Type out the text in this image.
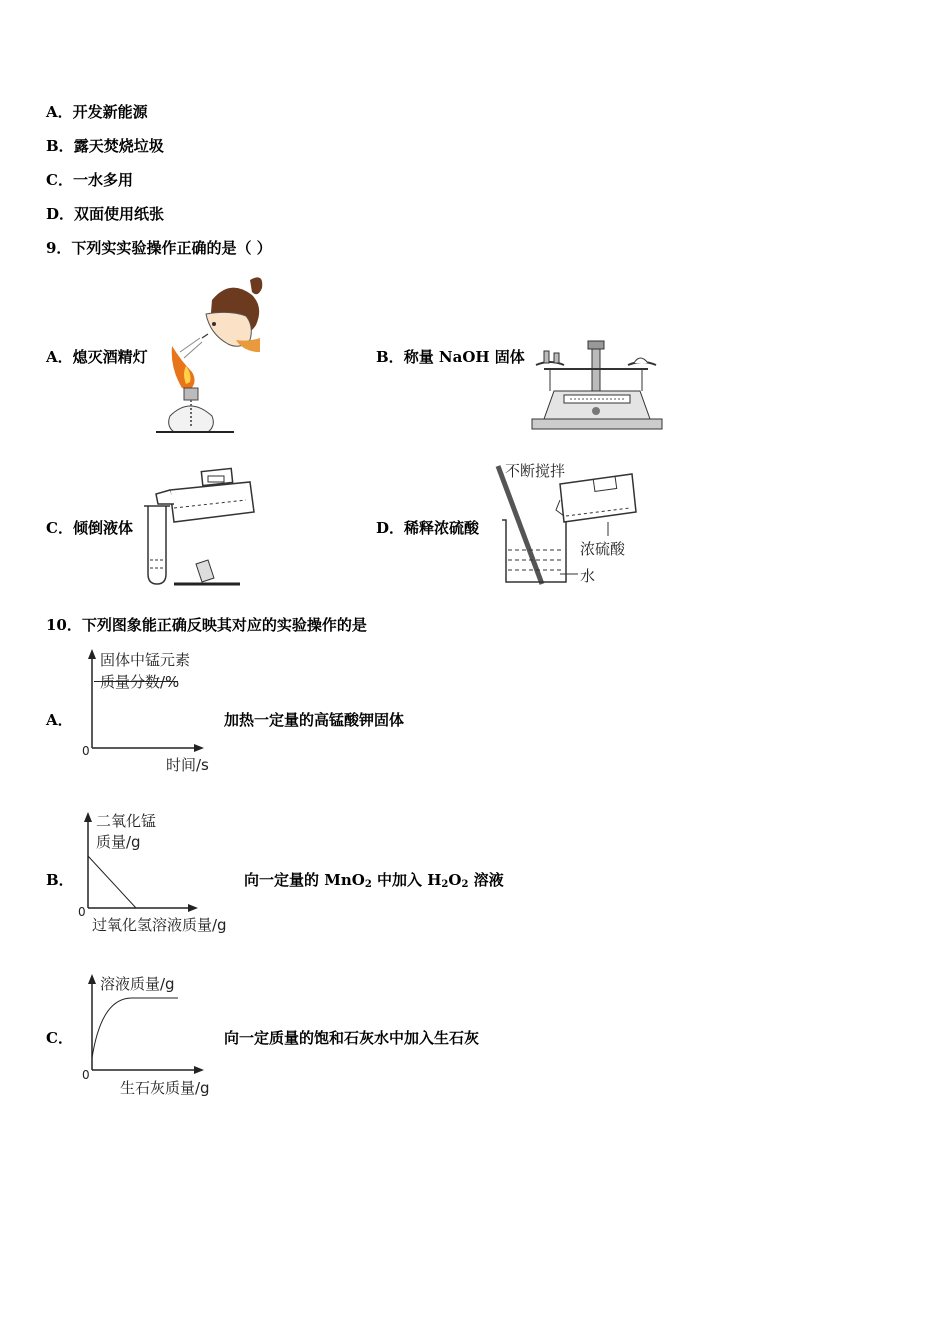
A．开发新能源
B．露天焚烧垃圾
C．一水多用
D．双面使用纸张
9．下列实实验操作正确的是（ ）
A．熄灭酒精灯	B．称量 NaOH 固体
C．倾倒液体	D．稀释浓硫酸
不断搅拌
浓硫酸
水
10．下列图象能正确反映其对应的实验操作的是
A．	加热一定量的高锰酸钾固体
固体中锰元素
质量分数/%
时间/s
0
B．	向一定量的 MnO$_2$ 中加入 $H_2O_2$ 溶液
二氧化锰
质量/g
过氧化氢溶液质量/g
0
C．	向一定质量的饱和石灰水中加入生石灰
溶液质量/g
生石灰质量/g
0
